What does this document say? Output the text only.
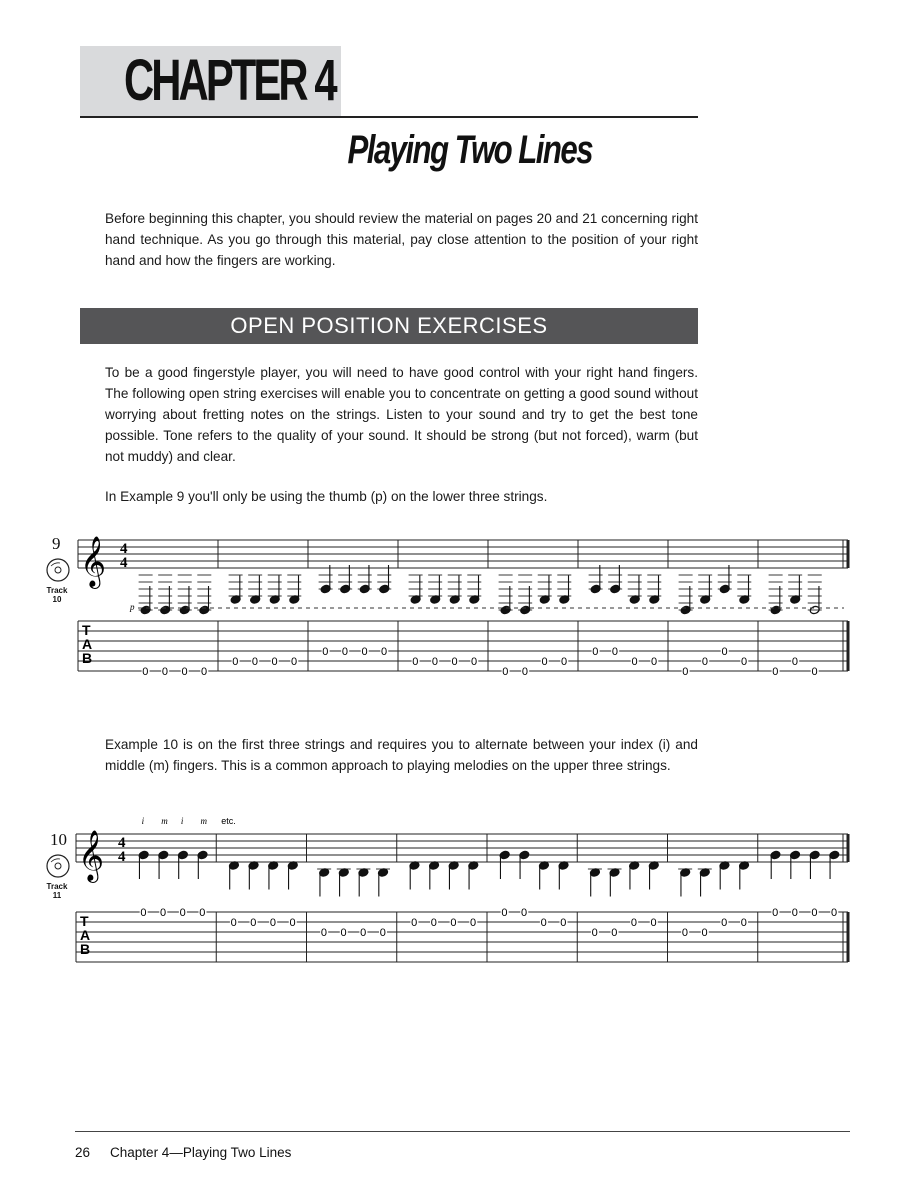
CHAPTER 4
Playing Two Lines
Before beginning this chapter, you should review the material on pages 20 and 21 concerning right hand technique. As you go through this material, pay close attention to the position of your right hand and how the fingers are working.
OPEN POSITION EXERCISES
To be a good fingerstyle player, you will need to have good control with your right hand fingers. The following open string exercises will enable you to concentrate on getting a good sound without worrying about fretting notes on the strings. Listen to your sound and try to get the best tone possible. Tone refers to the quality of your sound. It should be strong (but not forced), warm (but not muddy) and clear.
In Example 9 you'll only be using the thumb (p) on the lower three strings.
9
Track
10
𝄞 4
4
T
A
B
0 0 0 0
0 0 0 0
0 0 0 0
0 0 0 0
0 0
0 0
0 0
0 0
0
0
0
0
0
0
0
p
Example 10 is on the first three strings and requires you to alternate between your index (i) and middle (m) fingers. This is a common approach to playing melodies on the upper three strings.
10
Track
11
𝄞 4
4
T
A
B
0 0 0 0
0 0 0 0
0 0 0 0
0 0 0 0
0 0
0 0
0 0
0 0
0 0
0 0
0 0 0 0
i m i m etc.
26 Chapter 4—Playing Two Lines
